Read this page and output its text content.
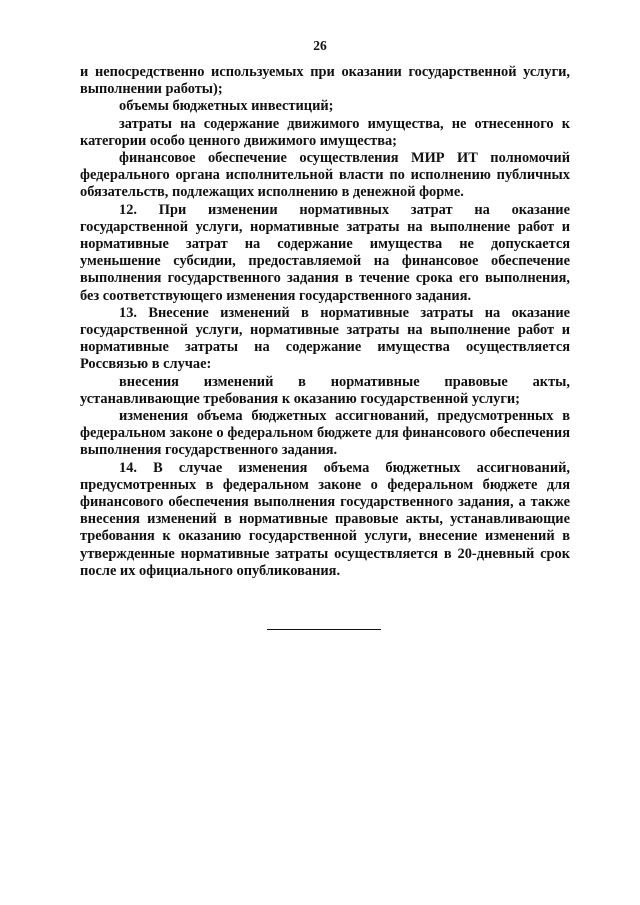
26

и непосредственно используемых при оказании государственной услуги, выполнении работы);

объемы бюджетных инвестиций;

затраты на содержание движимого имущества, не отнесенного к категории особо ценного движимого имущества;

финансовое обеспечение осуществления МИР ИТ полномочий федерального органа исполнительной власти по исполнению публичных обязательств, подлежащих исполнению в денежной форме.

12. При изменении нормативных затрат на оказание государственной услуги, нормативные затраты на выполнение работ и нормативные затрат на содержание имущества не допускается уменьшение субсидии, предоставляемой на финансовое обеспечение выполнения государственного задания в течение срока его выполнения, без соответствующего изменения государственного задания.

13. Внесение изменений в нормативные затраты на оказание государственной услуги, нормативные затраты на выполнение работ и нормативные затраты на содержание имущества осуществляется Россвязью в случае:

внесения изменений в нормативные правовые акты, устанавливающие требования к оказанию государственной услуги;

изменения объема бюджетных ассигнований, предусмотренных в федеральном законе о федеральном бюджете для финансового обеспечения выполнения государственного задания.

14. В случае изменения объема бюджетных ассигнований, предусмотренных в федеральном законе о федеральном бюджете для финансового обеспечения выполнения государственного задания, а также внесения изменений в нормативные правовые акты, устанавливающие требования к оказанию государственной услуги, внесение изменений в утвержденные нормативные затраты осуществляется в 20-дневный срок после их официального опубликования.
